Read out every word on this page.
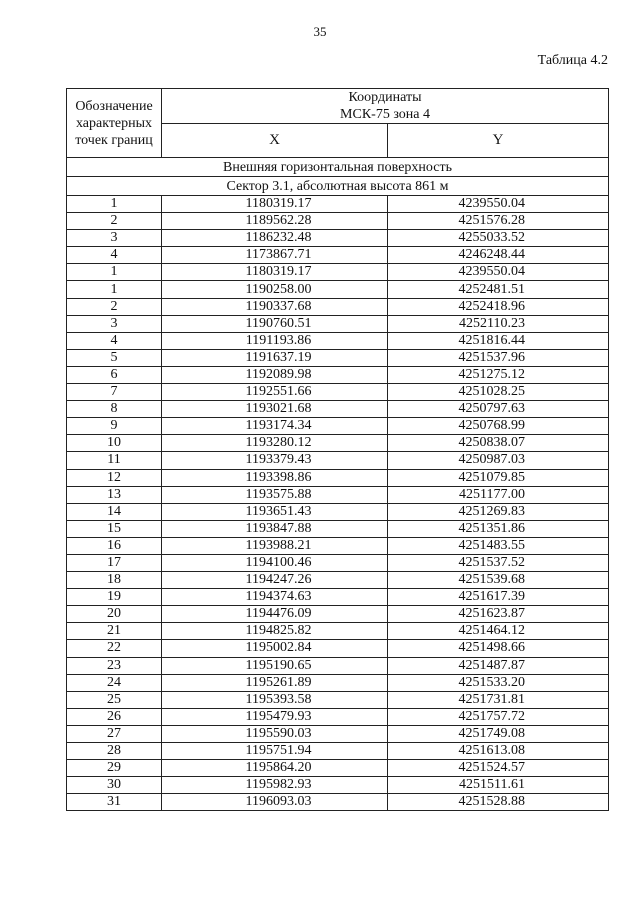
35
Таблица 4.2
Обозначение характерных точек границ	Координаты
МСК-75 зона 4	
	X	Y
Внешняя горизонтальная поверхность		
Сектор 3.1, абсолютная высота 861 м		
1	1180319.17	4239550.04
2	1189562.28	4251576.28
3	1186232.48	4255033.52
4	1173867.71	4246248.44
1	1180319.17	4239550.04
1	1190258.00	4252481.51
2	1190337.68	4252418.96
3	1190760.51	4252110.23
4	1191193.86	4251816.44
5	1191637.19	4251537.96
6	1192089.98	4251275.12
7	1192551.66	4251028.25
8	1193021.68	4250797.63
9	1193174.34	4250768.99
10	1193280.12	4250838.07
11	1193379.43	4250987.03
12	1193398.86	4251079.85
13	1193575.88	4251177.00
14	1193651.43	4251269.83
15	1193847.88	4251351.86
16	1193988.21	4251483.55
17	1194100.46	4251537.52
18	1194247.26	4251539.68
19	1194374.63	4251617.39
20	1194476.09	4251623.87
21	1194825.82	4251464.12
22	1195002.84	4251498.66
23	1195190.65	4251487.87
24	1195261.89	4251533.20
25	1195393.58	4251731.81
26	1195479.93	4251757.72
27	1195590.03	4251749.08
28	1195751.94	4251613.08
29	1195864.20	4251524.57
30	1195982.93	4251511.61
31	1196093.03	4251528.88
